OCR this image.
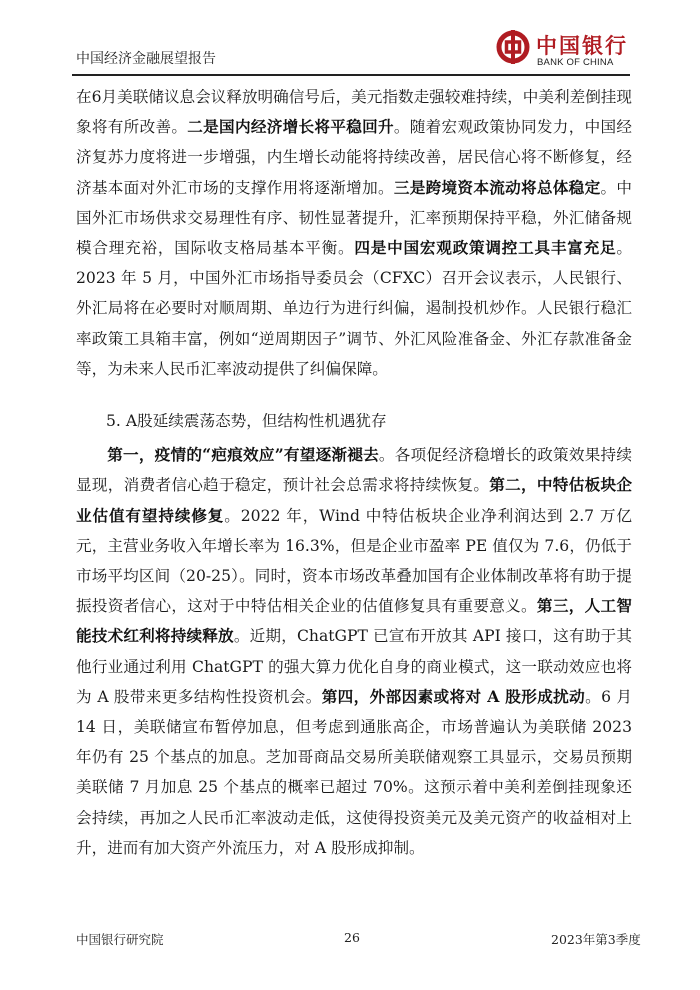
中国经济金融展望报告
中国银行
BANK OF CHINA

在6月美联储议息会议释放明确信号后，美元指数走强较难持续，中美利差倒挂现象将有所改善。二是国内经济增长将平稳回升。随着宏观政策协同发力，中国经济复苏力度将进一步增强，内生增长动能将持续改善，居民信心将不断修复，经济基本面对外汇市场的支撑作用将逐渐增加。三是跨境资本流动将总体稳定。中国外汇市场供求交易理性有序、韧性显著提升，汇率预期保持平稳，外汇储备规模合理充裕，国际收支格局基本平衡。四是中国宏观政策调控工具丰富充足。2023 年 5 月，中国外汇市场指导委员会（CFXC）召开会议表示，人民银行、外汇局将在必要时对顺周期、单边行为进行纠偏，遏制投机炒作。人民银行稳汇率政策工具箱丰富，例如“逆周期因子”调节、外汇风险准备金、外汇存款准备金等，为未来人民币汇率波动提供了纠偏保障。

5. A股延续震荡态势，但结构性机遇犹存

第一，疫情的“疤痕效应”有望逐渐褪去。各项促经济稳增长的政策效果持续显现，消费者信心趋于稳定，预计社会总需求将持续恢复。第二，中特估板块企业估值有望持续修复。2022 年，Wind 中特估板块企业净利润达到 2.7 万亿元，主营业务收入年增长率为 16.3%，但是企业市盈率 PE 值仅为 7.6，仍低于市场平均区间（20-25）。同时，资本市场改革叠加国有企业体制改革将有助于提振投资者信心，这对于中特估相关企业的估值修复具有重要意义。第三，人工智能技术红利将持续释放。近期，ChatGPT 已宣布开放其 API 接口，这有助于其他行业通过利用 ChatGPT 的强大算力优化自身的商业模式，这一联动效应也将为 A 股带来更多结构性投资机会。第四，外部因素或将对 A 股形成扰动。6 月 14 日，美联储宣布暂停加息，但考虑到通胀高企，市场普遍认为美联储 2023 年仍有 25 个基点的加息。芝加哥商品交易所美联储观察工具显示，交易员预期美联储 7 月加息 25 个基点的概率已超过 70%。这预示着中美利差倒挂现象还会持续，再加之人民币汇率波动走低，这使得投资美元及美元资产的收益相对上升，进而有加大资产外流压力，对 A 股形成抑制。

中国银行研究院	26	2023年第3季度
